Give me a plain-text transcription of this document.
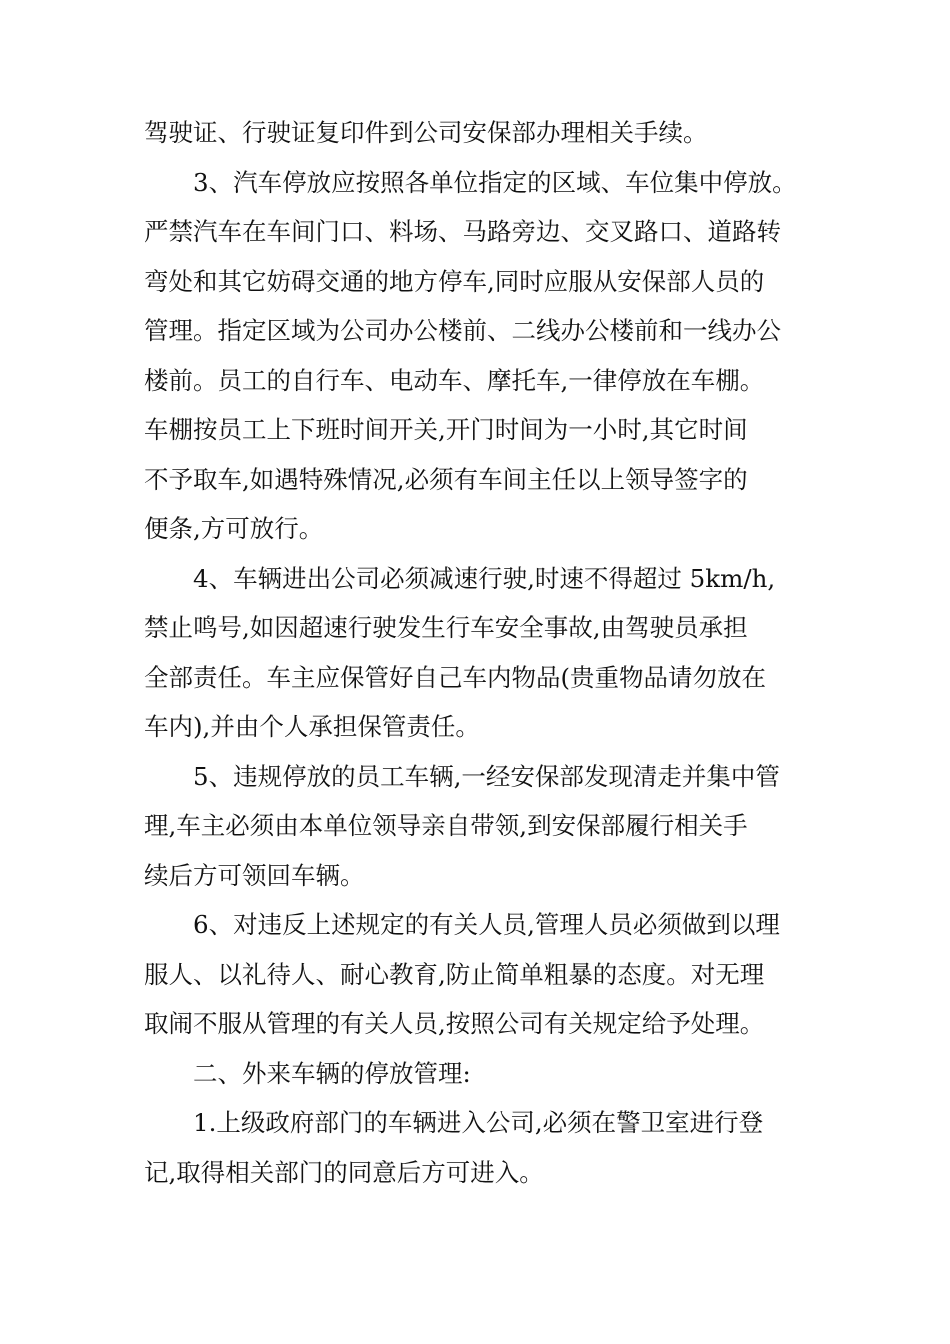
驾驶证、行驶证复印件到公司安保部办理相关手续。
3、汽车停放应按照各单位指定的区域、车位集中停放。
严禁汽车在车间门口、料场、马路旁边、交叉路口、道路转
弯处和其它妨碍交通的地方停车,同时应服从安保部人员的
管理。指定区域为公司办公楼前、二线办公楼前和一线办公
楼前。员工的自行车、电动车、摩托车,一律停放在车棚。
车棚按员工上下班时间开关,开门时间为一小时,其它时间
不予取车,如遇特殊情况,必须有车间主任以上领导签字的
便条,方可放行。
4、车辆进出公司必须减速行驶,时速不得超过 5km/h,
禁止鸣号,如因超速行驶发生行车安全事故,由驾驶员承担
全部责任。车主应保管好自己车内物品(贵重物品请勿放在
车内),并由个人承担保管责任。
5、违规停放的员工车辆,一经安保部发现清走并集中管
理,车主必须由本单位领导亲自带领,到安保部履行相关手
续后方可领回车辆。
6、对违反上述规定的有关人员,管理人员必须做到以理
服人、以礼待人、耐心教育,防止简单粗暴的态度。对无理
取闹不服从管理的有关人员,按照公司有关规定给予处理。
二、外来车辆的停放管理:
1.上级政府部门的车辆进入公司,必须在警卫室进行登
记,取得相关部门的同意后方可进入。
